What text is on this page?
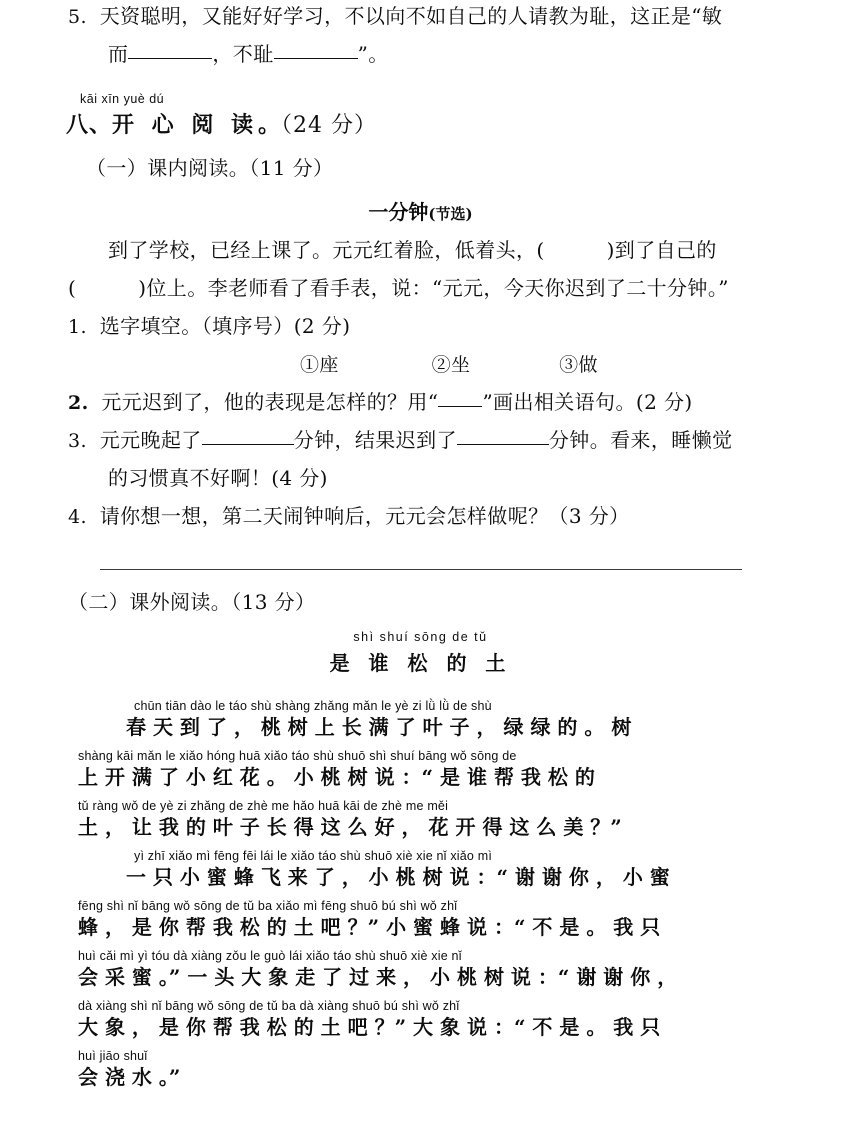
5. 天资聪明，又能好好学习，不以向不如自己的人请教为耻，这正是“敏
而	，不耻	”。
kāi xīn yuè dú
八、开 心 阅 读。（24 分）
（一）课内阅读。（11 分）
一分钟(节选)
到了学校，已经上课了。元元红着脸，低着头，(	)到了自己的
(	)位上。李老师看了看手表，说：“元元，今天你迟到了二十分钟。”
1. 选字填空。（填序号）(2 分)
①座	②坐	③做
2. 元元迟到了，他的表现是怎样的？用“ ”画出相关语句。(2 分)
3. 元元晚起了	分钟，结果迟到了	分钟。看来，睡懒觉
的习惯真不好啊！(4 分)
4. 请你想一想，第二天闹钟响后，元元会怎样做呢？（3 分）
（二）课外阅读。（13 分）
shì shuí sōng de tǔ
是 谁 松 的 土
chūn tiān dào le táo shù shàng zhǎng mǎn le yè zi lǜ lǜ de shù
春 天 到 了 ， 桃 树 上 长 满 了 叶 子 ， 绿 绿 的 。 树
shàng kāi mǎn le xiǎo hóng huā xiǎo táo shù shuō shì shuí bāng wǒ sōng de
上 开 满 了 小 红 花 。 小 桃 树 说 ：“ 是 谁 帮 我 松 的
tǔ ràng wǒ de yè zi zhǎng de zhè me hǎo huā kāi de zhè me měi
土 ， 让 我 的 叶 子 长 得 这 么 好 ， 花 开 得 这 么 美 ？”
yì zhī xiǎo mì fēng fēi lái le xiǎo táo shù shuō xiè xie nǐ xiǎo mì
一 只 小 蜜 蜂 飞 来 了 ， 小 桃 树 说 ：“ 谢 谢 你 ， 小 蜜
fēng shì nǐ bāng wǒ sōng de tǔ ba xiǎo mì fēng shuō bú shì wǒ zhǐ
蜂 ， 是 你 帮 我 松 的 土 吧 ？” 小 蜜 蜂 说 ：“ 不 是 。 我 只
huì cǎi mì yì tóu dà xiàng zǒu le guò lái xiǎo táo shù shuō xiè xie nǐ
会 采 蜜 。” 一 头 大 象 走 了 过 来 ， 小 桃 树 说 ：“ 谢 谢 你 ，
dà xiàng shì nǐ bāng wǒ sōng de tǔ ba dà xiàng shuō bú shì wǒ zhǐ
大 象 ， 是 你 帮 我 松 的 土 吧 ？” 大 象 说 ：“ 不 是 。 我 只
huì jiāo shuǐ
会 浇 水 。”
